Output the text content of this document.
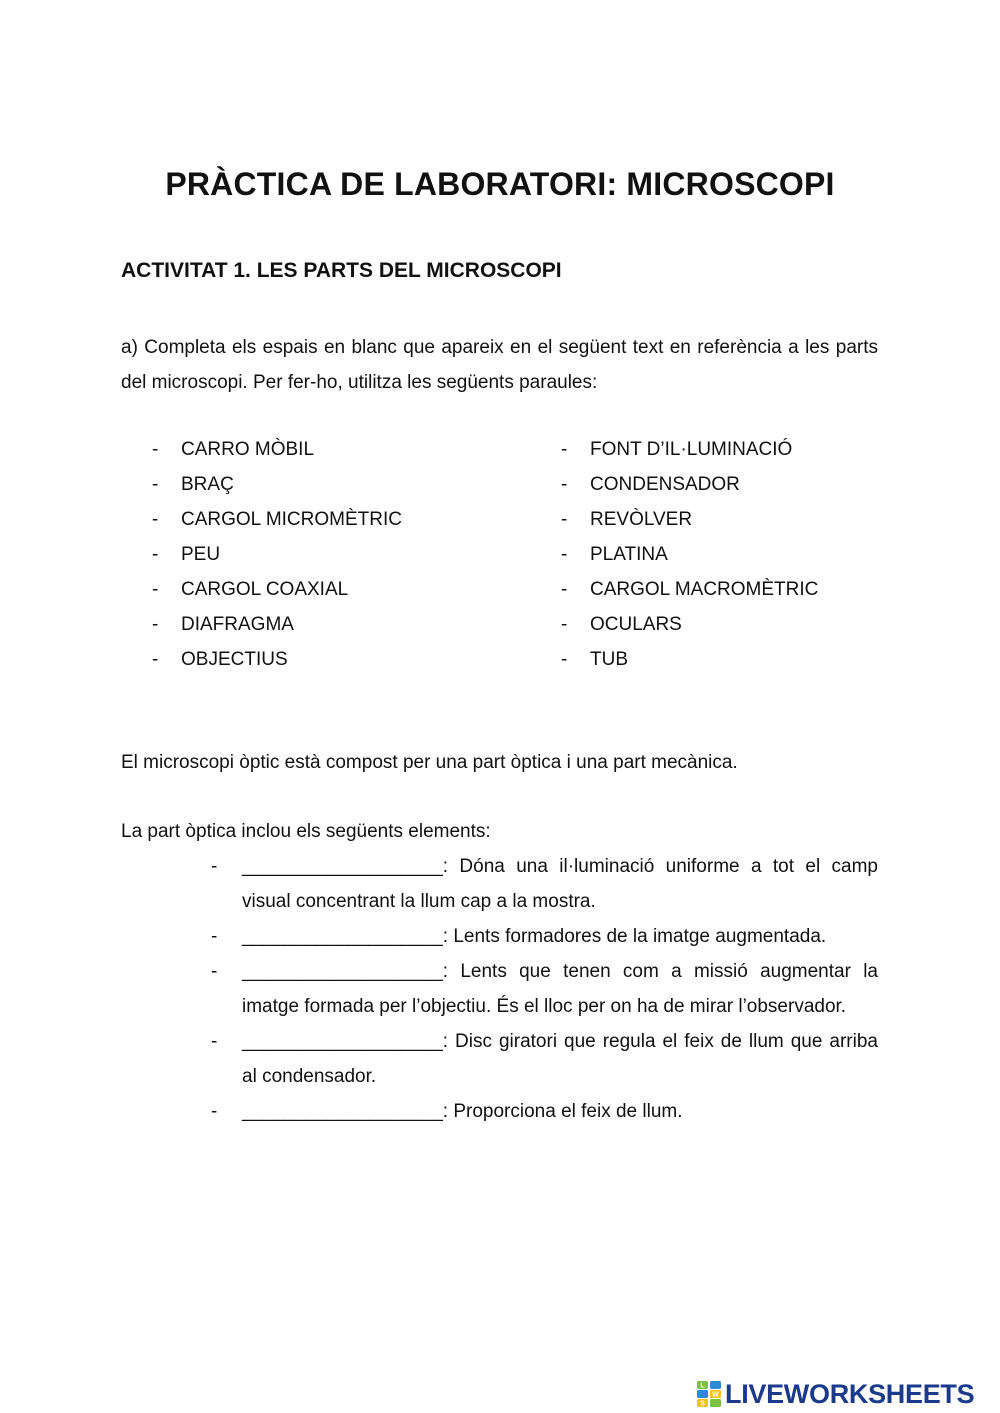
PRÀCTICA DE LABORATORI: MICROSCOPI
ACTIVITAT 1. LES PARTS DEL MICROSCOPI
a) Completa els espais en blanc que apareix en el següent text en referència a les parts del microscopi. Per fer-ho, utilitza les següents paraules:
-	CARRO MÒBIL
-	BRAÇ
-	CARGOL MICROMÈTRIC
-	PEU
-	CARGOL COAXIAL
-	DIAFRAGMA
-	OBJECTIUS
-	FONT D’IL·LUMINACIÓ
-	CONDENSADOR
-	REVÒLVER
-	PLATINA
-	CARGOL MACROMÈTRIC
-	OCULARS
-	TUB
El microscopi òptic està compost per una part òptica i una part mecànica.
La part òptica inclou els següents elements:
-	___________________: Dóna una il·luminació uniforme a tot el camp visual concentrant la llum cap a la mostra.
-	___________________: Lents formadores de la imatge augmentada.
-	___________________: Lents que tenen com a missió augmentar la imatge formada per l’objectiu. És el lloc per on ha de mirar l’observador.
-	___________________: Disc giratori que regula el feix de llum que arriba al condensador.
-	___________________: Proporciona el feix de llum.
L
W
S LIVEWORKSHEETS
